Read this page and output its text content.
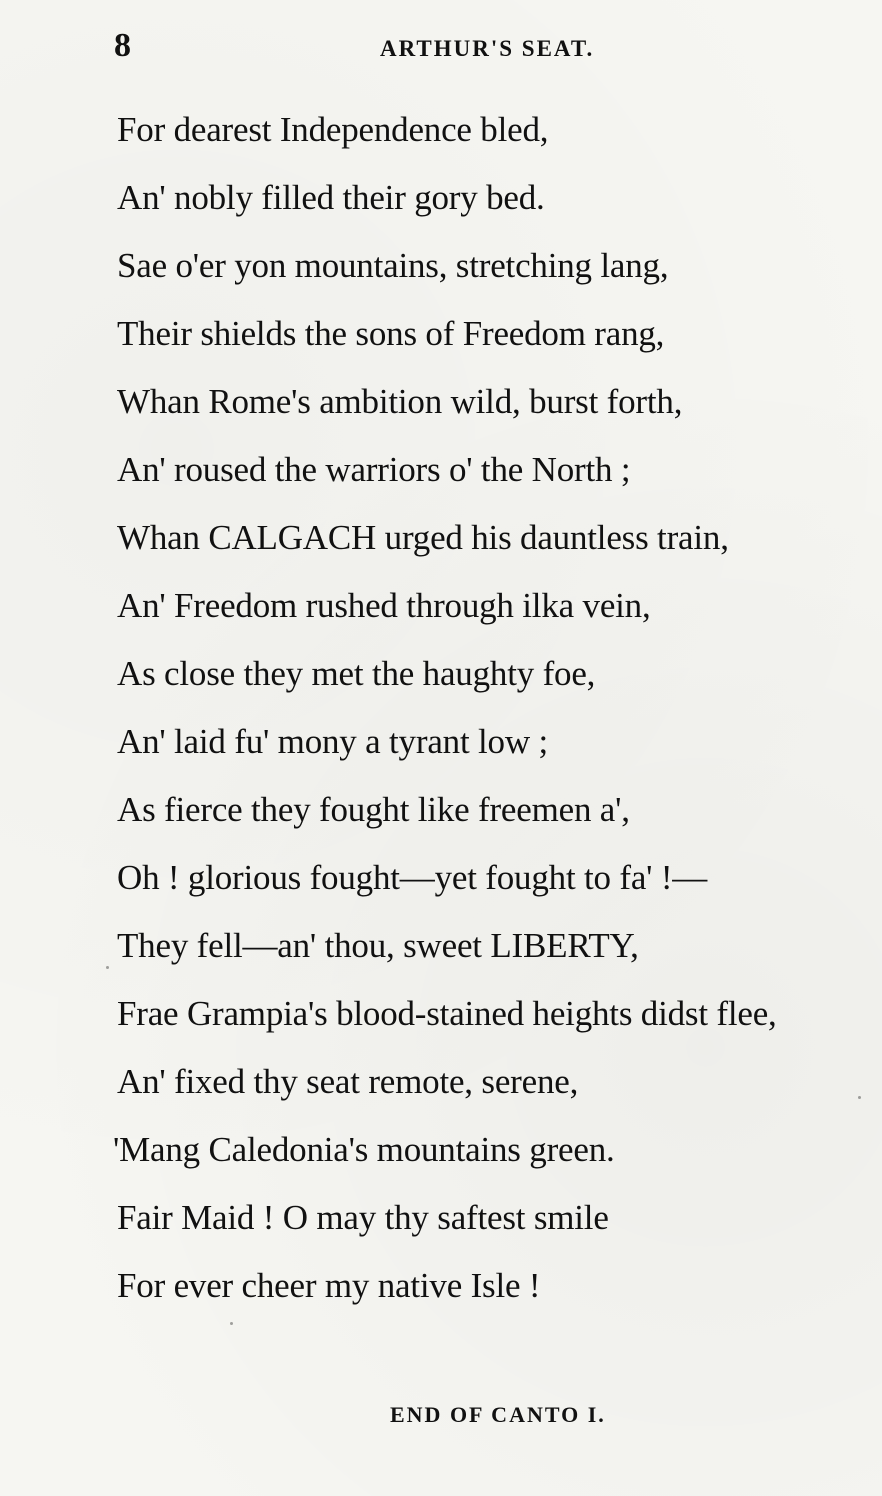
8	ARTHUR'S SEAT.
For dearest Independence bled,
An' nobly filled their gory bed.
Sae o'er yon mountains, stretching lang,
Their shields the sons of Freedom rang,
Whan Rome's ambition wild, burst forth,
An' roused the warriors o' the North ;
Whan CALGACH urged his dauntless train,
An' Freedom rushed through ilka vein,
As close they met the haughty foe,
An' laid fu' mony a tyrant low ;
As fierce they fought like freemen a',
Oh ! glorious fought—yet fought to fa' !—
They fell—an' thou, sweet LIBERTY,
Frae Grampia's blood-stained heights didst flee,
An' fixed thy seat remote, serene,
'Mang Caledonia's mountains green.
Fair Maid ! O may thy saftest smile
For ever cheer my native Isle !
END OF CANTO I.
